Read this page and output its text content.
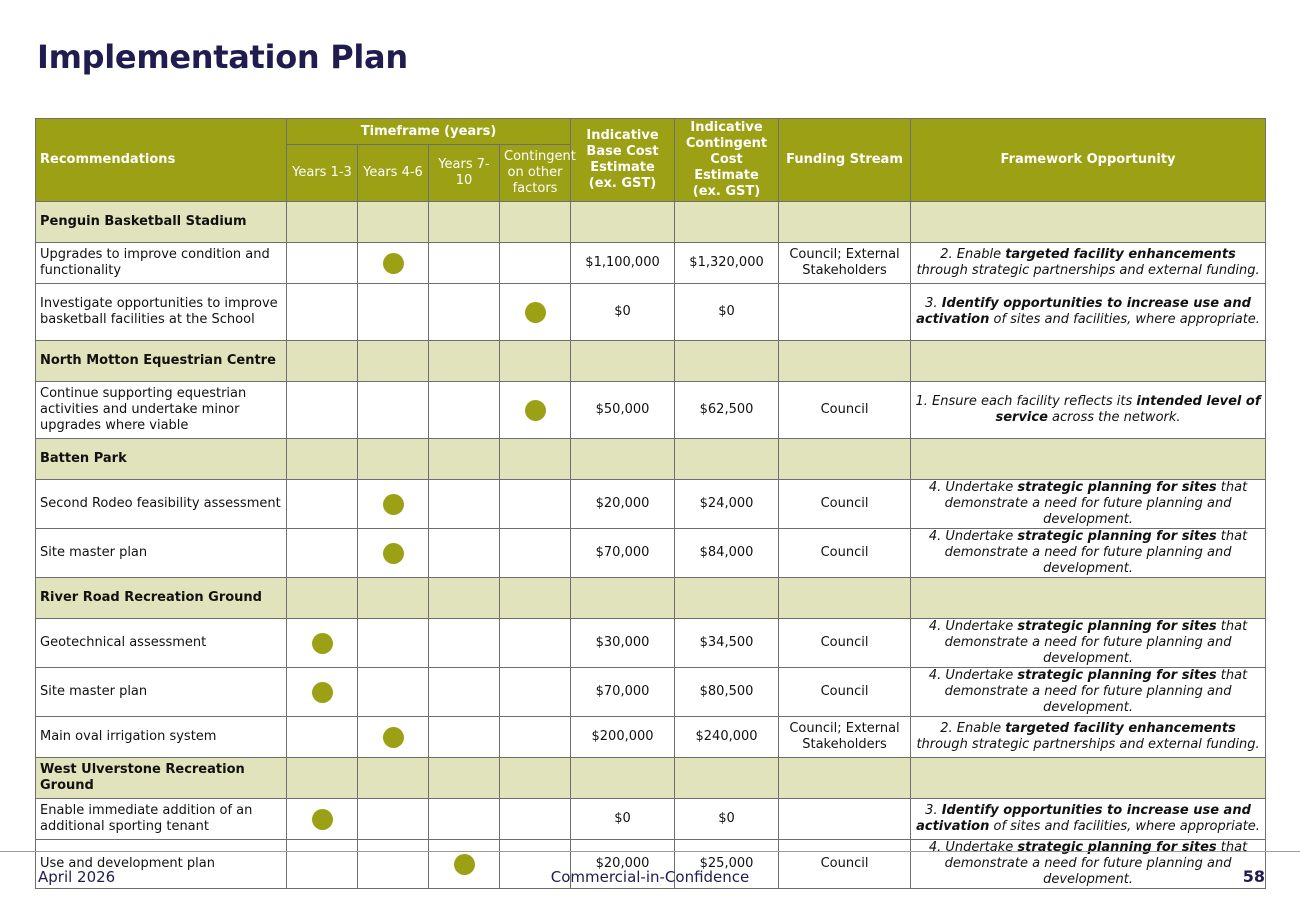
Implementation Plan
Recommendations	Timeframe (years)				Indicative Base Cost Estimate (ex. GST)	Indicative Contingent Cost Estimate (ex. GST)	Funding Stream	Framework Opportunity
	Years 1-3	Years 4-6	Years 7-10	Contingent on other factors				
Penguin Basketball Stadium								
Upgrades to improve condition and functionality					$1,100,000	$1,320,000	Council; External Stakeholders	2. Enable targeted facility enhancements through strategic partnerships and external funding.
Investigate opportunities to improve basketball facilities at the School					$0	$0		3. Identify opportunities to increase use and activation of sites and facilities, where appropriate.
North Motton Equestrian Centre								
Continue supporting equestrian activities and undertake minor upgrades where viable					$50,000	$62,500	Council	1. Ensure each facility reflects its intended level of service across the network.
Batten Park								
Second Rodeo feasibility assessment					$20,000	$24,000	Council	4. Undertake strategic planning for sites that demonstrate a need for future planning and development.
Site master plan					$70,000	$84,000	Council	4. Undertake strategic planning for sites that demonstrate a need for future planning and development.
River Road Recreation Ground								
Geotechnical assessment					$30,000	$34,500	Council	4. Undertake strategic planning for sites that demonstrate a need for future planning and development.
Site master plan					$70,000	$80,500	Council	4. Undertake strategic planning for sites that demonstrate a need for future planning and development.
Main oval irrigation system					$200,000	$240,000	Council; External Stakeholders	2. Enable targeted facility enhancements through strategic partnerships and external funding.
West Ulverstone Recreation Ground								
Enable immediate addition of an additional sporting tenant					$0	$0		3. Identify opportunities to increase use and activation of sites and facilities, where appropriate.
Use and development plan					$20,000	$25,000	Council	4. Undertake strategic planning for sites that demonstrate a need for future planning and development.
April 2026	Commercial-in-Confidence	58
